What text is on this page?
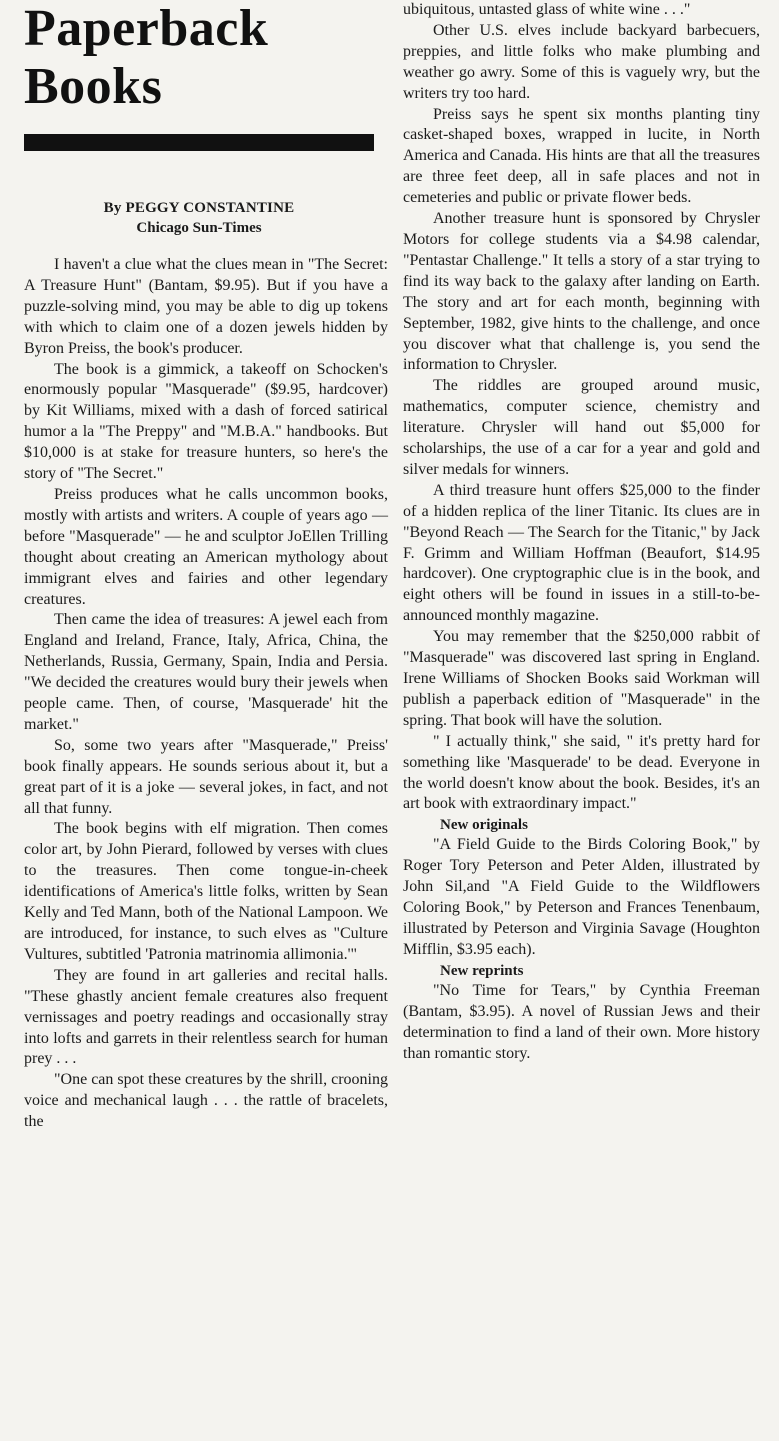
Paperback
Books
By PEGGY CONSTANTINE
Chicago Sun-Times

I haven't a clue what the clues mean in "The Secret: A Treasure Hunt" (Bantam, $9.95). But if you have a puzzle-solving mind, you may be able to dig up tokens with which to claim one of a dozen jewels hidden by Byron Preiss, the book's producer.

The book is a gimmick, a takeoff on Schocken's enormously popular "Masquerade" ($9.95, hardcover) by Kit Williams, mixed with a dash of forced satirical humor a la "The Preppy" and "M.B.A." handbooks. But $10,000 is at stake for treasure hunters, so here's the story of "The Secret."

Preiss produces what he calls uncommon books, mostly with artists and writers. A couple of years ago — before "Masquerade" — he and sculptor JoEllen Trilling thought about creating an American mythology about immigrant elves and fairies and other legendary creatures.

Then came the idea of treasures: A jewel each from England and Ireland, France, Italy, Africa, China, the Netherlands, Russia, Germany, Spain, India and Persia. "We decided the creatures would bury their jewels when people came. Then, of course, 'Masquerade' hit the market."

So, some two years after "Masquerade," Preiss' book finally appears. He sounds serious about it, but a great part of it is a joke — several jokes, in fact, and not all that funny.

The book begins with elf migration. Then comes color art, by John Pierard, followed by verses with clues to the treasures. Then come tongue-in-cheek identifications of America's little folks, written by Sean Kelly and Ted Mann, both of the National Lampoon. We are introduced, for instance, to such elves as "Culture Vultures, subtitled 'Patronia matrinomia allimonia.'"

They are found in art galleries and recital halls. "These ghastly ancient female creatures also frequent vernissages and poetry readings and occasionally stray into lofts and garrets in their relentless search for human prey . . .

"One can spot these creatures by the shrill, crooning voice and mechanical laugh . . . the rattle of bracelets, the

ubiquitous, untasted glass of white wine . . ."

Other U.S. elves include backyard barbecuers, preppies, and little folks who make plumbing and weather go awry. Some of this is vaguely wry, but the writers try too hard.

Preiss says he spent six months planting tiny casket-shaped boxes, wrapped in lucite, in North America and Canada. His hints are that all the treasures are three feet deep, all in safe places and not in cemeteries and public or private flower beds.

Another treasure hunt is sponsored by Chrysler Motors for college students via a $4.98 calendar, "Pentastar Challenge." It tells a story of a star trying to find its way back to the galaxy after landing on Earth. The story and art for each month, beginning with September, 1982, give hints to the challenge, and once you discover what that challenge is, you send the information to Chrysler.

The riddles are grouped around music, mathematics, computer science, chemistry and literature. Chrysler will hand out $5,000 for scholarships, the use of a car for a year and gold and silver medals for winners.

A third treasure hunt offers $25,000 to the finder of a hidden replica of the liner Titanic. Its clues are in "Beyond Reach — The Search for the Titanic," by Jack F. Grimm and William Hoffman (Beaufort, $14.95 hardcover). One cryptographic clue is in the book, and eight others will be found in issues in a still-to-be-announced monthly magazine.

You may remember that the $250,000 rabbit of "Masquerade" was discovered last spring in England. Irene Williams of Shocken Books said Workman will publish a paperback edition of "Masquerade" in the spring. That book will have the solution.

" I actually think," she said, " it's pretty hard for something like 'Masquerade' to be dead. Everyone in the world doesn't know about the book. Besides, it's an art book with extraordinary impact."

New originals

"A Field Guide to the Birds Coloring Book," by Roger Tory Peterson and Peter Alden, illustrated by John Sil,and "A Field Guide to the Wildflowers Coloring Book," by Peterson and Frances Tenenbaum, illustrated by Peterson and Virginia Savage (Houghton Mifflin, $3.95 each).

New reprints

"No Time for Tears," by Cynthia Freeman (Bantam, $3.95). A novel of Russian Jews and their determination to find a land of their own. More history than romantic story.
